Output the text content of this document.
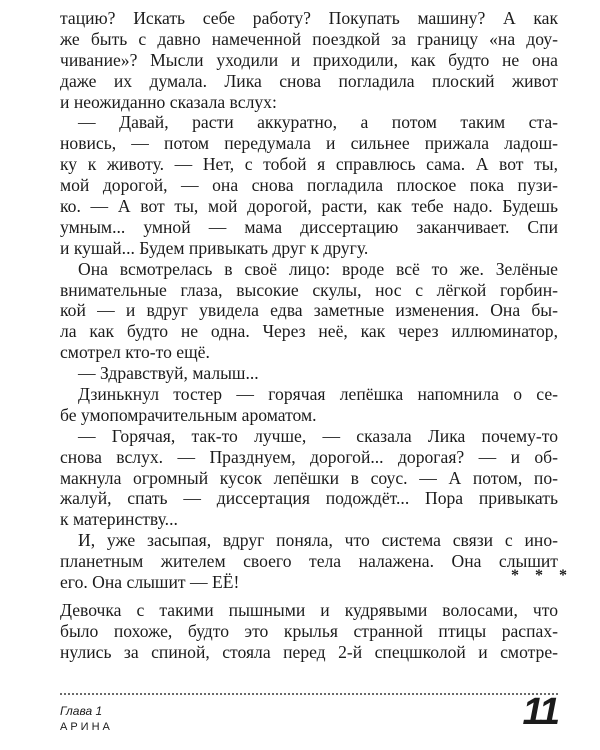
тацию? Искать себе работу? Покупать машину? А как
же быть с давно намеченной поездкой за границу «на доу-
чивание»? Мысли уходили и приходили, как будто не она
даже их думала. Лика снова погладила плоский живот
и неожиданно сказала вслух:
— Давай, расти аккуратно, а потом таким ста-
новись, — потом передумала и сильнее прижала ладош-
ку к животу. — Нет, с тобой я справлюсь сама. А вот ты,
мой дорогой, — она снова погладила плоское пока пузи-
ко. — А вот ты, мой дорогой, расти, как тебе надо. Будешь
умным... умной — мама диссертацию заканчивает. Спи
и кушай... Будем привыкать друг к другу.
Она всмотрелась в своё лицо: вроде всё то же. Зелёные
внимательные глаза, высокие скулы, нос с лёгкой горбин-
кой — и вдруг увидела едва заметные изменения. Она бы-
ла как будто не одна. Через неё, как через иллюминатор,
смотрел кто-то ещё.
— Здравствуй, малыш...
Дзинькнул тостер — горячая лепёшка напомнила о се-
бе умопомрачительным ароматом.
— Горячая, так-то лучше, — сказала Лика почему-то
снова вслух. — Празднуем, дорогой... дорогая? — и об-
макнула огромный кусок лепёшки в соус. — А потом, по-
жалуй, спать — диссертация подождёт... Пора привыкать
к материнству...
И, уже засыпая, вдруг поняла, что система связи с ино-
планетным жителем своего тела налажена. Она слышит
его. Она слышит — ЕЁ!	* * *
Девочка с такими пышными и кудрявыми волосами, что
было похоже, будто это крылья странной птицы распах-
нулись за спиной, стояла перед 2-й спецшколой и смотре-
Глава 1
АРИНА	11
